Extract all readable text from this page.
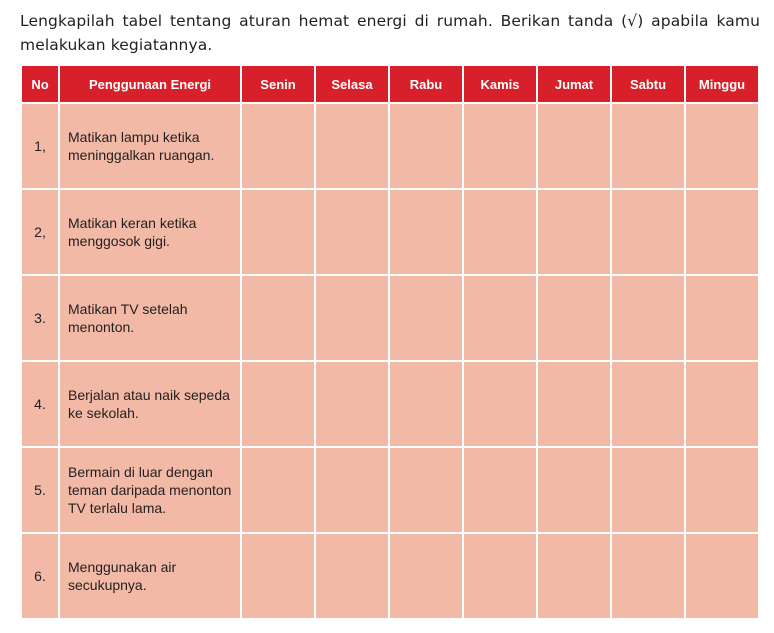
Lengkapilah tabel tentang aturan hemat energi di rumah. Berikan tanda (√) apabila kamu melakukan kegiatannya.
No	Penggunaan Energi	Senin	Selasa	Rabu	Kamis	Jumat	Sabtu	Minggu
1,	Matikan lampu ketika meninggalkan ruangan.							
2,	Matikan keran ketika menggosok gigi.							
3.	Matikan TV setelah menonton.							
4.	Berjalan atau naik sepeda ke sekolah.							
5.	Bermain di luar dengan teman daripada menonton TV terlalu lama.							
6.	Menggunakan air secukupnya.							
